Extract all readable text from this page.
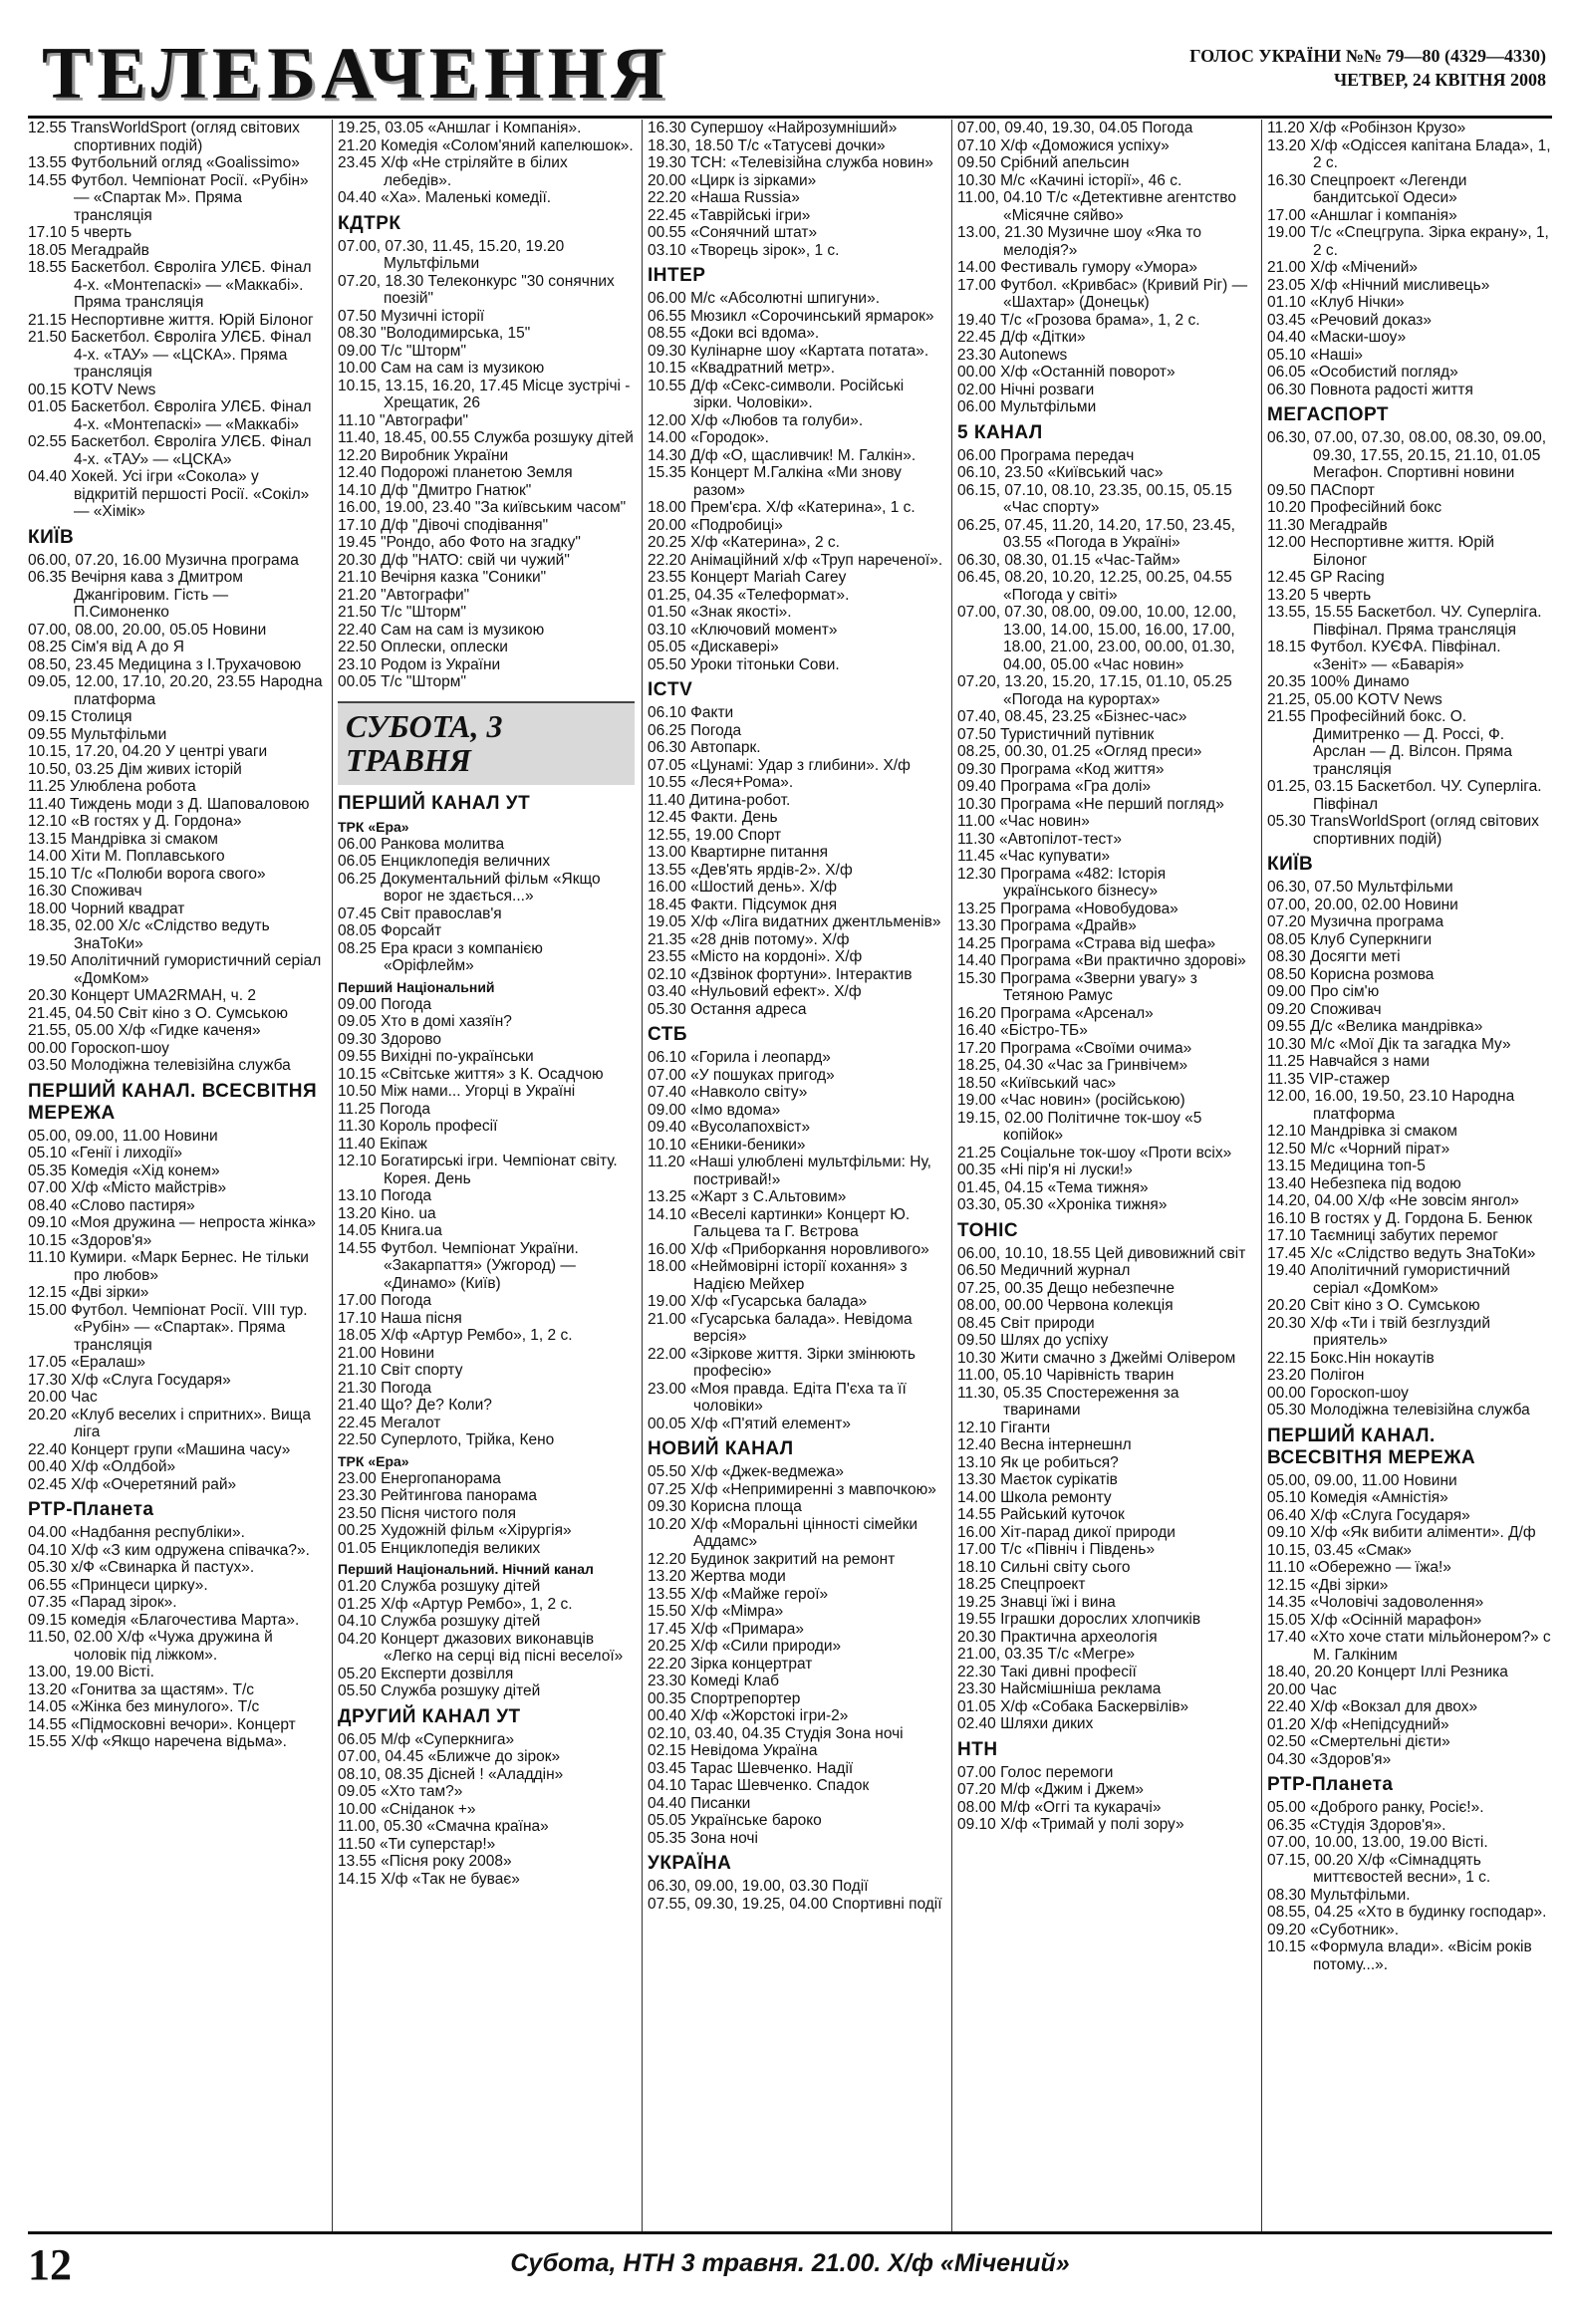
ТЕЛЕБАЧЕННЯ	ГОЛОС УКРАЇНИ №№ 79—80 (4329—4330)
ЧЕТВЕР, 24 КВІТНЯ 2008
12.55 TransWorldSport (огляд світових спортивних подій)
13.55 Футбольний огляд «Goalissimo»
14.55 Футбол. Чемпіонат Росії. «Рубін» — «Спартак М». Пряма трансляція
17.10 5 чверть
18.05 Мегадрайв
18.55 Баскетбол. Євроліга УЛЄБ. Фінал 4-х. «Монтепаскі» — «Маккабі». Пряма трансляція
21.15 Неспортивне життя. Юрій Білоног
21.50 Баскетбол. Євроліга УЛЄБ. Фінал 4-х. «ТАУ» — «ЦСКА». Пряма трансляція
00.15 KOTV News
01.05 Баскетбол. Євроліга УЛЄБ. Фінал 4-х. «Монтепаскі» — «Маккабі»
02.55 Баскетбол. Євроліга УЛЄБ. Фінал 4-х. «ТАУ» — «ЦСКА»
04.40 Хокей. Усі ігри «Сокола» у відкритій першості Росії. «Сокіл» — «Хімік»
КИЇВ
06.00, 07.20, 16.00 Музична програма
06.35 Вечірня кава з Дмитром Джангіровим. Гість — П.Симоненко
07.00, 08.00, 20.00, 05.05 Новини
08.25 Сім'я від А до Я
08.50, 23.45 Медицина з І.Трухачовою
09.05, 12.00, 17.10, 20.20, 23.55 Народна платформа
09.15 Столиця
09.55 Мультфільми
10.15, 17.20, 04.20 У центрі уваги
10.50, 03.25 Дім живих історій
11.25 Улюблена робота
11.40 Тиждень моди з Д. Шаповаловою
12.10 «В гостях у Д. Гордона»
13.15 Мандрівка зі смаком
14.00 Хіти М. Поплавського
15.10 Т/с «Полюби ворога свого»
16.30 Споживач
18.00 Чорний квадрат
18.35, 02.00 Х/с «Слідство ведуть ЗнаТоКи»
19.50 Аполітичний гумористичний серіал «ДомКом»
20.30 Концерт UMA2RMAH, ч. 2
21.45, 04.50 Світ кіно з О. Сумською
21.55, 05.00 Х/ф «Гидке каченя»
00.00 Гороскоп-шоу
03.50 Молодіжна телевізійна служба
ПЕРШИЙ КАНАЛ. ВСЕСВІТНЯ МЕРЕЖА
05.00, 09.00, 11.00 Новини
05.10 «Генії і лиходії»
05.35 Комедія «Хід конем»
07.00 Х/ф «Місто майстрів»
08.40 «Слово пастиря»
09.10 «Моя дружина — непроста жінка»
10.15 «Здоров'я»
11.10 Кумири. «Марк Бернес. Не тільки про любов»
12.15 «Дві зірки»
15.00 Футбол. Чемпіонат Росії. VIII тур. «Рубін» — «Спартак». Пряма трансляція
17.05 «Ералаш»
17.30 Х/ф «Слуга Государя»
20.00 Час
20.20 «Клуб веселих і спритних». Вища ліга
22.40 Концерт групи «Машина часу»
00.40 Х/ф «Олдбой»
02.45 Х/ф «Очеретяний рай»
РТР-Планета
04.00 «Надбання республіки».
04.10 Х/ф «З ким одружена співачка?».
05.30 х/Ф «Свинарка й пастух».
06.55 «Принцеси цирку».
07.35 «Парад зірок».
09.15 комедія «Благочестива Марта».
11.50, 02.00 Х/ф «Чужа дружина й чоловік під ліжком».
13.00, 19.00 Вісті.
13.20 «Гонитва за щастям». Т/с
14.05 «Жінка без минулого». Т/с
14.55 «Підмосковні вечори». Концерт
15.55 Х/ф «Якщо наречена відьма».
19.25, 03.05 «Аншлаг і Компанія».
21.20 Комедія «Солом'яний капелюшок».
23.45 Х/ф «Не стріляйте в білих лебедів».
04.40 «Ха». Маленькі комедії.
КДТРК
07.00, 07.30, 11.45, 15.20, 19.20 Мультфільми
07.20, 18.30 Телеконкурс "30 сонячних поезій"
07.50 Музичні історії
08.30 "Володимирська, 15"
09.00 Т/с "Шторм"
10.00 Сам на сам із музикою
10.15, 13.15, 16.20, 17.45 Місце зустрічі - Хрещатик, 26
11.10 "Автографи"
11.40, 18.45, 00.55 Служба розшуку дітей
12.20 Виробник України
12.40 Подорожі планетою Земля
14.10 Д/ф "Дмитро Гнатюк"
16.00, 19.00, 23.40 "За київським часом"
17.10 Д/ф "Дівочі сподівання"
19.45 "Рондо, або Фото на згадку"
20.30 Д/ф "НАТО: свій чи чужий"
21.10 Вечірня казка "Соники"
21.20 "Автографи"
21.50 Т/с "Шторм"
22.40 Сам на сам із музикою
22.50 Оплески, оплески
23.10 Родом із України
00.05 Т/с "Шторм"
СУБОТА, 3 ТРАВНЯ
ПЕРШИЙ КАНАЛ УТ
ТРК «Ера»
06.00 Ранкова молитва
06.05 Енциклопедія величних
06.25 Документальний фільм «Якщо ворог не здається...»
07.45 Світ православ'я
08.05 Форсайт
08.25 Ера краси з компанією «Оріфлейм»
Перший Національний
09.00 Погода
09.05 Хто в домі хазяїн?
09.30 Здорово
09.55 Вихідні по-українськи
10.15 «Світське життя» з К. Осадчою
10.50 Між нами... Угорці в Україні
11.25 Погода
11.30 Король професії
11.40 Екіпаж
12.10 Богатирські ігри. Чемпіонат світу. Корея. День
13.10 Погода
13.20 Кіно. ua
14.05 Книга.ua
14.55 Футбол. Чемпіонат України. «Закарпаття» (Ужгород) — «Динамо» (Київ)
17.00 Погода
17.10 Наша пісня
18.05 Х/ф «Артур Рембо», 1, 2 с.
21.00 Новини
21.10 Світ спорту
21.30 Погода
21.40 Що? Де? Коли?
22.45 Мегалот
22.50 Суперлото, Трійка, Кено
ТРК «Ера»
23.00 Енергопанорама
23.30 Рейтингова панорама
23.50 Пісня чистого поля
00.25 Художній фільм «Хірургія»
01.05 Енциклопедія великих
Перший Національний. Нічний канал
01.20 Служба розшуку дітей
01.25 Х/ф «Артур Рембо», 1, 2 с.
04.10 Служба розшуку дітей
04.20 Концерт джазових виконавців «Легко на серці від пісні веселої»
05.20 Експерти дозвілля
05.50 Служба розшуку дітей
ДРУГИЙ КАНАЛ УТ
06.05 М/ф «Суперкнига»
07.00, 04.45 «Ближче до зірок»
08.10, 08.35 Дісней ! «Аладдін»
09.05 «Хто там?»
10.00 «Сніданок +»
11.00, 05.30 «Смачна країна»
11.50 «Ти суперстар!»
13.55 «Пісня року 2008»
14.15 Х/ф «Так не буває»
16.30 Супершоу «Найрозумніший»
18.30, 18.50 Т/с «Татусеві дочки»
19.30 ТСН: «Телевізійна служба новин»
20.00 «Цирк із зірками»
22.20 «Наша Russia»
22.45 «Таврійські ігри»
00.55 «Сонячний штат»
03.10 «Творець зірок», 1 с.
ІНТЕР
06.00 М/с «Абсолютні шпигуни».
06.55 Мюзикл «Сорочинський ярмарок»
08.55 «Доки всі вдома».
09.30 Кулінарне шоу «Картата потата».
10.15 «Квадратний метр».
10.55 Д/ф «Секс-символи. Російські зірки. Чоловіки».
12.00 Х/ф «Любов та голуби».
14.00 «Городок».
14.30 Д/ф «О, щасливчик! М. Галкін».
15.35 Концерт М.Галкіна «Ми знову разом»
18.00 Прем'єра. Х/ф «Катерина», 1 с.
20.00 «Подробиці»
20.25 Х/ф «Катерина», 2 с.
22.20 Анімаційний х/ф «Труп нареченої».
23.55 Концерт Mariah Carey
01.25, 04.35 «Телеформат».
01.50 «Знак якості».
03.10 «Ключовий момент»
05.05 «Дискавері»
05.50 Уроки тітоньки Сови.
ICTV
06.10 Факти
06.25 Погода
06.30 Автопарк.
07.05 «Цунамі: Удар з глибини». Х/ф
10.55 «Леся+Рома».
11.40 Дитина-робот.
12.45 Факти. День
12.55, 19.00 Спорт
13.00 Квартирне питання
13.55 «Дев'ять ярдів-2». Х/ф
16.00 «Шостий день». Х/ф
18.45 Факти. Підсумок дня
19.05 Х/ф «Ліга видатних джентльменів»
21.35 «28 днів потому». Х/ф
23.55 «Місто на кордоні». Х/ф
02.10 «Дзвінок фортуни». Інтерактив
03.40 «Нульовий ефект». Х/ф
05.30 Остання адреса
СТБ
06.10 «Горила і леопард»
07.00 «У пошуках пригод»
07.40 «Навколо світу»
09.00 «Імо вдома»
09.40 «Вусолапохвіст»
10.10 «Еники-беники»
11.20 «Наші улюблені мультфільми: Ну, постривай!»
13.25 «Жарт з С.Альтовим»
14.10 «Веселі картинки» Концерт Ю. Гальцева та Г. Вєтрова
16.00 Х/ф «Приборкання норовливого»
18.00 «Неймовірні історії кохання» з Надією Мейхер
19.00 Х/ф «Гусарська балада»
21.00 «Гусарська балада». Невідома версія»
22.00 «Зіркове життя. Зірки змінюють професію»
23.00 «Моя правда. Едіта П'єха та її чоловіки»
00.05 Х/ф «П'ятий елемент»
НОВИЙ КАНАЛ
05.50 Х/ф «Джек-ведмежа»
07.25 Х/ф «Непримиренні з мавпочкою»
09.30 Корисна площа
10.20 Х/ф «Моральні цінності сімейки Аддамс»
12.20 Будинок закритий на ремонт
13.20 Жертва моди
13.55 Х/ф «Майже герої»
15.50 Х/ф «Мімра»
17.45 Х/ф «Примара»
20.25 Х/ф «Сили природи»
22.20 Зірка концертрат
23.30 Комеді Клаб
00.35 Спортрепортер
00.40 Х/ф «Жорстокі ігри-2»
02.10, 03.40, 04.35 Студія Зона ночі
02.15 Невідома Україна
03.45 Тарас Шевченко. Надії
04.10 Тарас Шевченко. Спадок
04.40 Писанки
05.05 Українське бароко
05.35 Зона ночі
УКРАЇНА
06.30, 09.00, 19.00, 03.30 Події
07.55, 09.30, 19.25, 04.00 Спортивні події
07.00, 09.40, 19.30, 04.05 Погода
07.10 Х/ф «Доможися успіху»
09.50 Срібний апельсин
10.30 М/с «Качині історії», 46 с.
11.00, 04.10 Т/с «Детективне агентство «Місячне сяйво»
13.00, 21.30 Музичне шоу «Яка то мелодія?»
14.00 Фестиваль гумору «Умора»
17.00 Футбол. «Кривбас» (Кривий Ріг) — «Шахтар» (Донецьк)
19.40 Т/с «Грозова брама», 1, 2 с.
22.45 Д/ф «Дітки»
23.30 Autonews
00.00 Х/ф «Останній поворот»
02.00 Нічні розваги
06.00 Мультфільми
5 КАНАЛ
06.00 Програма передач
06.10, 23.50 «Київський час»
06.15, 07.10, 08.10, 23.35, 00.15, 05.15 «Час спорту»
06.25, 07.45, 11.20, 14.20, 17.50, 23.45, 03.55 «Погода в Україні»
06.30, 08.30, 01.15 «Час-Тайм»
06.45, 08.20, 10.20, 12.25, 00.25, 04.55 «Погода у світі»
07.00, 07.30, 08.00, 09.00, 10.00, 12.00, 13.00, 14.00, 15.00, 16.00, 17.00, 18.00, 21.00, 23.00, 00.00, 01.30, 04.00, 05.00 «Час новин»
07.20, 13.20, 15.20, 17.15, 01.10, 05.25 «Погода на курортах»
07.40, 08.45, 23.25 «Бізнес-час»
07.50 Туристичний путівник
08.25, 00.30, 01.25 «Огляд преси»
09.30 Програма «Код життя»
09.40 Програма «Гра долі»
10.30 Програма «Не перший погляд»
11.00 «Час новин»
11.30 «Автопілот-тест»
11.45 «Час купувати»
12.30 Програма «482: Історія українського бізнесу»
13.25 Програма «Новобудова»
13.30 Програма «Драйв»
14.25 Програма «Страва від шефа»
14.40 Програма «Ви практично здорові»
15.30 Програма «Зверни увагу» з Тетяною Рамус
16.20 Програма «Арсенал»
16.40 «Бістро-ТБ»
17.20 Програма «Своїми очима»
18.25, 04.30 «Час за Гринвічем»
18.50 «Київський час»
19.00 «Час новин» (російською)
19.15, 02.00 Політичне ток-шоу «5 копійок»
21.25 Соціальне ток-шоу «Проти всіх»
00.35 «Ні пір'я ні луски!»
01.45, 04.15 «Тема тижня»
03.30, 05.30 «Хроніка тижня»
ТОНІС
06.00, 10.10, 18.55 Цей дивовижний світ
06.50 Медичний журнал
07.25, 00.35 Дещо небезпечне
08.00, 00.00 Червона колекція
08.45 Світ природи
09.50 Шлях до успіху
10.30 Жити смачно з Джеймі Олівером
11.00, 05.10 Чарівність тварин
11.30, 05.35 Спостереження за тваринами
12.10 Гіганти
12.40 Весна інтернешнл
13.10 Як це робиться?
13.30 Маєток сурікатів
14.00 Школа ремонту
14.55 Райський куточок
16.00 Хіт-парад дикої природи
17.00 Т/с «Північ і Південь»
18.10 Сильні світу сього
18.25 Спецпроект
19.25 Знавці їжі і вина
19.55 Іграшки дорослих хлопчиків
20.30 Практична археологія
21.00, 03.35 Т/с «Мегре»
22.30 Такі дивні професії
23.30 Найсмішніша реклама
01.05 Х/ф «Собака Баскервілів»
02.40 Шляхи диких
НТН
07.00 Голос перемоги
07.20 М/ф «Джим і Джем»
08.00 М/ф «Оггі та кукарачі»
09.10 Х/ф «Тримай у полі зору»
11.20 Х/ф «Робінзон Крузо»
13.20 Х/ф «Одіссея капітана Блада», 1, 2 с.
16.30 Спецпроект «Легенди бандитської Одеси»
17.00 «Аншлаг і компанія»
19.00 Т/с «Спецгрупа. Зірка екрану», 1, 2 с.
21.00 Х/ф «Мічений»
23.05 Х/ф «Нічний мисливець»
01.10 «Клуб Нічки»
03.45 «Речовий доказ»
04.40 «Маски-шоу»
05.10 «Наші»
06.05 «Особистий погляд»
06.30 Повнота радості життя
МЕГАСПОРТ
06.30, 07.00, 07.30, 08.00, 08.30, 09.00, 09.30, 17.55, 20.15, 21.10, 01.05 Мегафон. Спортивні новини
09.50 ПАСпорт
10.20 Професійний бокс
11.30 Мегадрайв
12.00 Неспортивне життя. Юрій Білоног
12.45 GP Racing
13.20 5 чверть
13.55, 15.55 Баскетбол. ЧУ. Суперліга. Півфінал. Пряма трансляція
18.15 Футбол. КУЄФА. Півфінал. «Зеніт» — «Баварія»
20.35 100% Динамо
21.25, 05.00 KOTV News
21.55 Професійний бокс. О. Димитренко — Д. Россі, Ф. Арслан — Д. Вілсон. Пряма трансляція
01.25, 03.15 Баскетбол. ЧУ. Суперліга. Півфінал
05.30 TransWorldSport (огляд світових спортивних подій)
КИЇВ
06.30, 07.50 Мультфільми
07.00, 20.00, 02.00 Новини
07.20 Музична програма
08.05 Клуб Суперкниги
08.30 Досягти меті
08.50 Корисна розмова
09.00 Про сім'ю
09.20 Споживач
09.55 Д/с «Велика мандрівка»
10.30 М/с «Мої Дік та загадка Му»
11.25 Навчайся з нами
11.35 VIP-стажер
12.00, 16.00, 19.50, 23.10 Народна платформа
12.10 Мандрівка зі смаком
12.50 М/с «Чорний пірат»
13.15 Медицина топ-5
13.40 Небезпека під водою
14.20, 04.00 Х/ф «Не зовсім янгол»
16.10 В гостях у Д. Гордона Б. Бенюк
17.10 Таємниці забутих перемог
17.45 Х/с «Слідство ведуть ЗнаТоКи»
19.40 Аполітичний гумористичний серіал «ДомКом»
20.20 Світ кіно з О. Сумською
20.30 Х/ф «Ти і твій безглуздий приятель»
22.15 Бокс.Нін нокаутів
23.20 Полігон
00.00 Гороскоп-шоу
05.30 Молодіжна телевізійна служба
ПЕРШИЙ КАНАЛ. ВСЕСВІТНЯ МЕРЕЖА
05.00, 09.00, 11.00 Новини
05.10 Комедія «Амністія»
06.40 Х/ф «Слуга Государя»
09.10 Х/ф «Як вибити аліменти». Д/ф
10.15, 03.45 «Смак»
11.10 «Обережно — їжа!»
12.15 «Дві зірки»
14.35 «Чоловічі задоволення»
15.05 Х/ф «Осінній марафон»
17.40 «Хто хоче стати мільйонером?» с М. Галкіним
18.40, 20.20 Концерт Іллі Резника
20.00 Час
22.40 Х/ф «Вокзал для двох»
01.20 Х/ф «Непідсудний»
02.50 «Смертельні дієти»
04.30 «Здоров'я»
РТР-Планета
05.00 «Доброго ранку, Росіє!».
06.35 «Студія Здоров'я».
07.00, 10.00, 13.00, 19.00 Вісті.
07.15, 00.20 Х/ф «Сімнадцять миттєвостей весни», 1 с.
08.30 Мультфільми.
08.55, 04.25 «Хто в будинку господар».
09.20 «Суботник».
10.15 «Формула влади». «Вісім років потому...».
12	Субота, НТН 3 травня. 21.00. Х/ф «Мічений»
